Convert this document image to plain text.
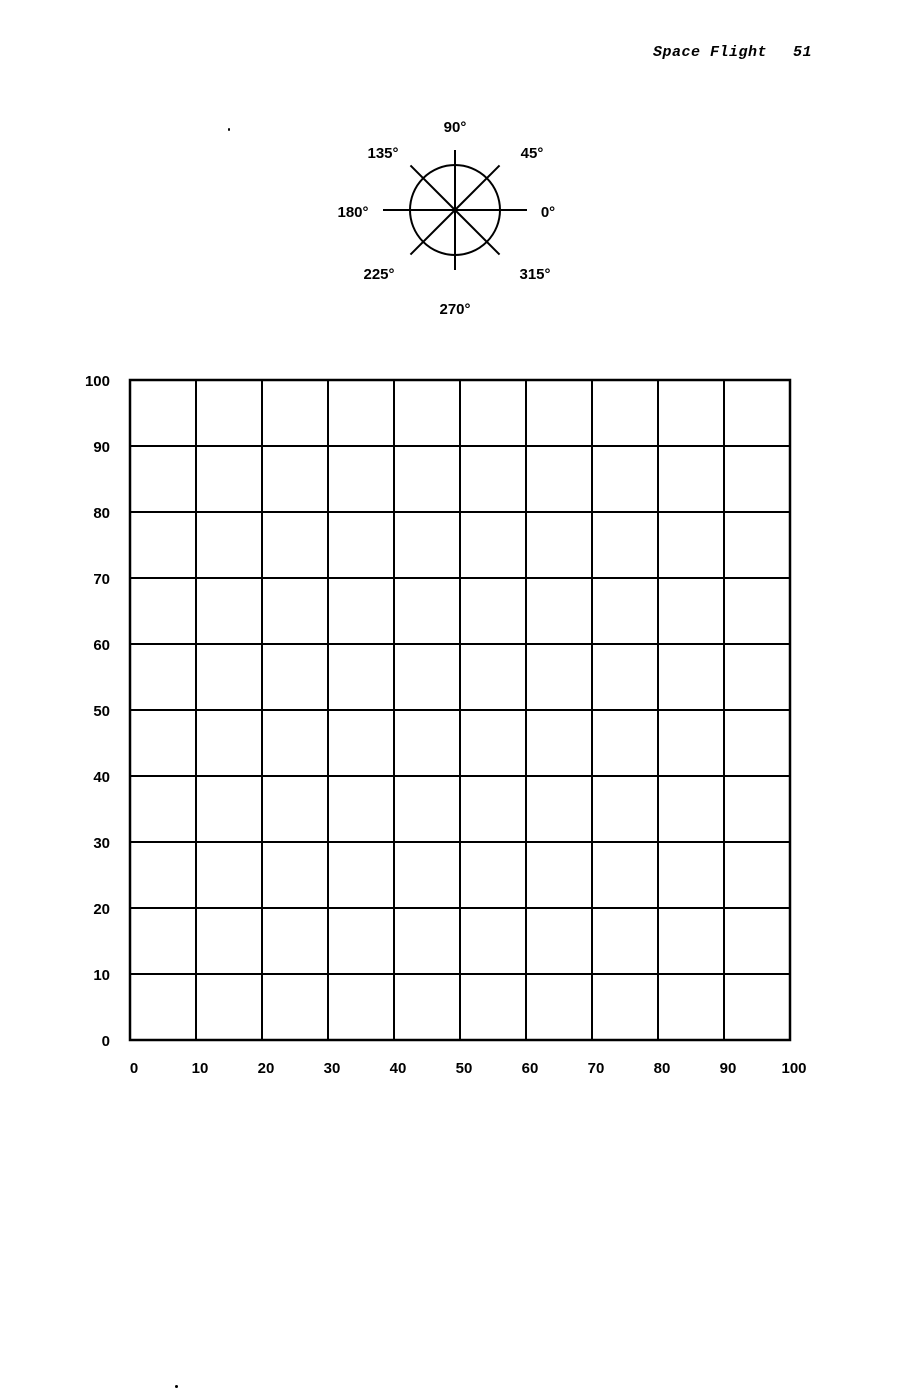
Space Flight 51
0°
45°
90°
135°
180°
225°
270°
315°
0	10	20	30	40	50	60	70	80	90	100
0
10
20
30
40
50
60
70
80
90
100
